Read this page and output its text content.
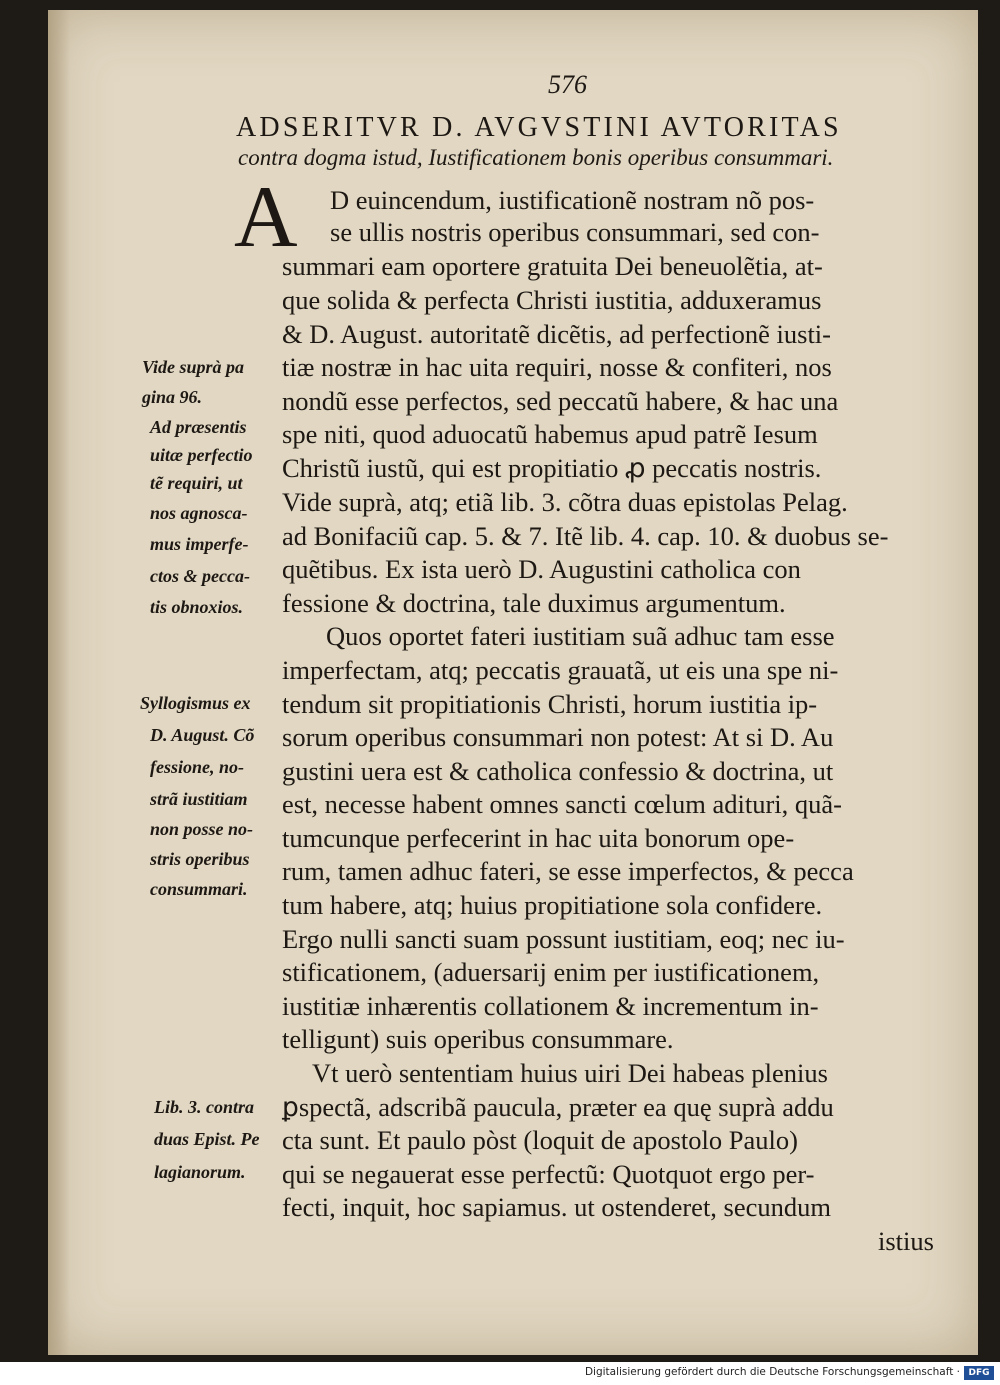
576
ADSERITVR D. AVGVSTINI AVTORITAS
contra dogma istud, Iustificationem bonis operibus consummari.
A D euincendum, iustificationẽ nostram nõ pos-
se ullis nostris operibus consummari, sed con-
summari eam oportere gratuita Dei beneuolẽtia, at-
que solida & perfecta Christi iustitia, adduxeramus
& D. August. autoritatẽ dicẽtis, ad perfectionẽ iusti-
tiæ nostræ in hac uita requiri, nosse & confiteri, nos
nondũ esse perfectos, sed peccatũ habere, & hac una
spe niti, quod aduocatũ habemus apud patrẽ Iesum
Christũ iustũ, qui est propitiatio ꝓ peccatis nostris.
Vide suprà, atq; etiã lib. 3. cõtra duas epistolas Pelag.
ad Bonifaciũ cap. 5. & 7. Itẽ lib. 4. cap. 10. & duobus se-
quẽtibus. Ex ista uerò D. Augustini catholica con
fessione & doctrina, tale duximus argumentum.
Quos oportet fateri iustitiam suã adhuc tam esse
imperfectam, atq; peccatis grauatã, ut eis una spe ni-
tendum sit propitiationis Christi, horum iustitia ip-
sorum operibus consummari non potest: At si D. Au
gustini uera est & catholica confessio & doctrina, ut
est, necesse habent omnes sancti cœlum adituri, quã-
tumcunque perfecerint in hac uita bonorum ope-
rum, tamen adhuc fateri, se esse imperfectos, & pecca
tum habere, atq; huius propitiatione sola confidere.
Ergo nulli sancti suam possunt iustitiam, eoq; nec iu-
stificationem, (aduersarij enim per iustificationem,
iustitiæ inhærentis collationem & incrementum in-
telligunt) suis operibus consummare.
Vt uerò sententiam huius uiri Dei habeas plenius
ꝑspectã, adscribã paucula, præter ea quę suprà addu
cta sunt. Et paulo pòst (loquit de apostolo Paulo)
qui se negauerat esse perfectũ: Quotquot ergo per-
fecti, inquit, hoc sapiamus. ut ostenderet, secundum
istius
Vide suprà pa
gina 96.
Ad præsentis
uitæ perfectio
tẽ requiri, ut
nos agnosca-
mus imperfe-
ctos & pecca-
tis obnoxios.
Syllogismus ex
D. August. Cõ
fessione, no-
strã iustitiam
non posse no-
stris operibus
consummari.
Lib. 3. contra
duas Epist. Pe
lagianorum.
Digitalisierung gefördert durch die Deutsche Forschungsgemeinschaft · DFG
